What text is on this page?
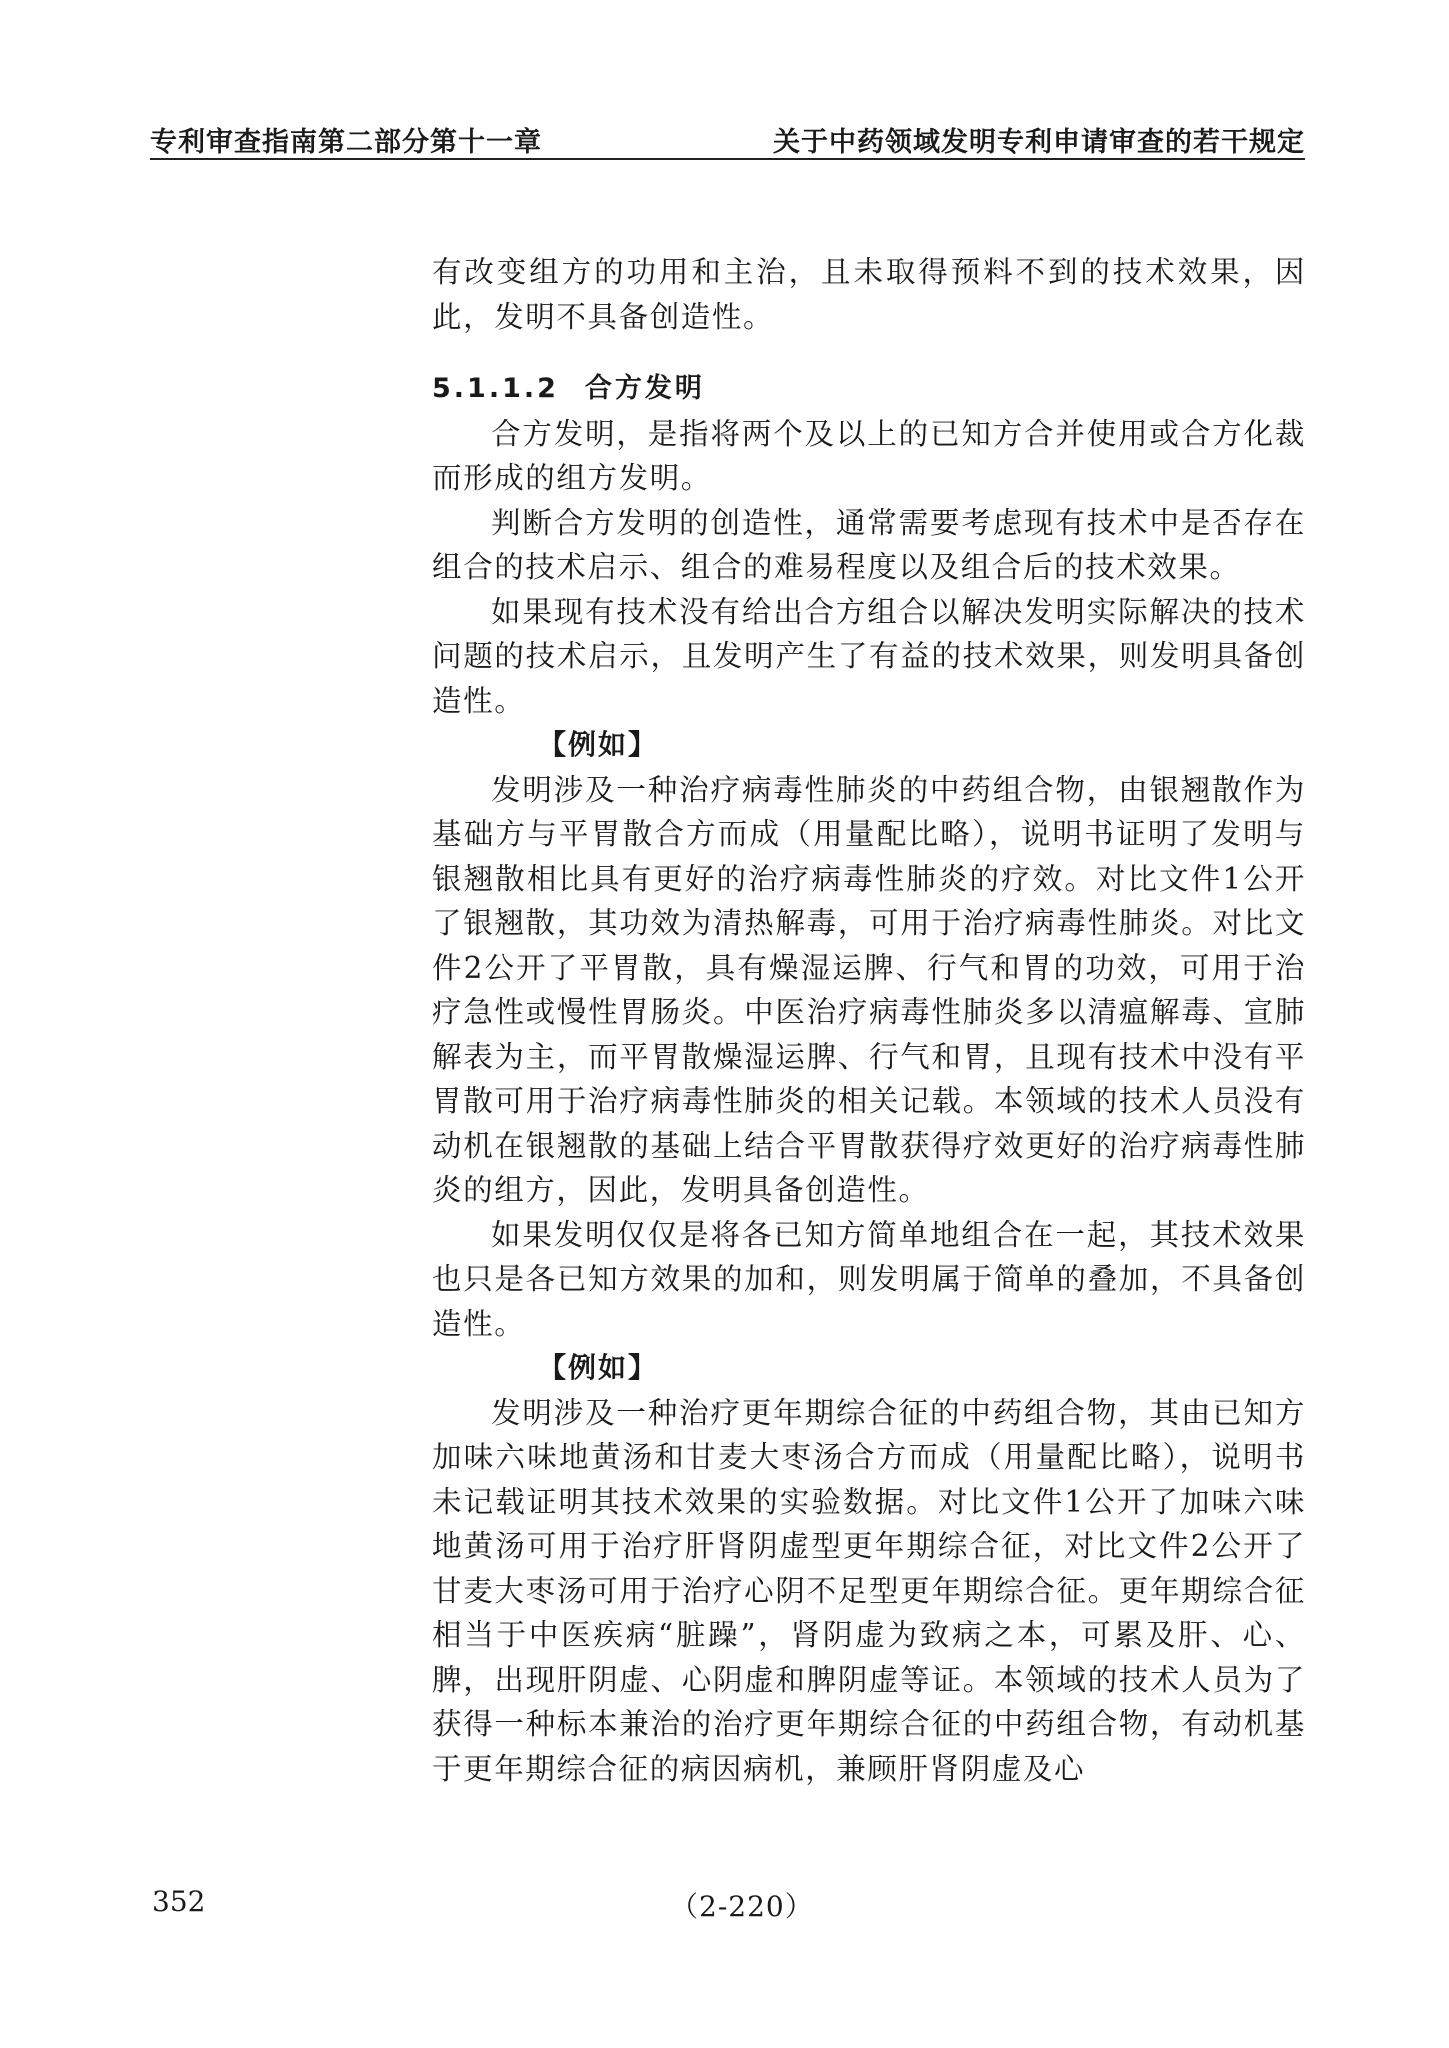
专利审查指南第二部分第十一章	关于中药领域发明专利申请审查的若干规定

有改变组方的功用和主治，且未取得预料不到的技术效果，因此，发明不具备创造性。

5.1.1.2 合方发明

合方发明，是指将两个及以上的已知方合并使用或合方化裁而形成的组方发明。

判断合方发明的创造性，通常需要考虑现有技术中是否存在组合的技术启示、组合的难易程度以及组合后的技术效果。

如果现有技术没有给出合方组合以解决发明实际解决的技术问题的技术启示，且发明产生了有益的技术效果，则发明具备创造性。

【例如】

发明涉及一种治疗病毒性肺炎的中药组合物，由银翘散作为基础方与平胃散合方而成（用量配比略），说明书证明了发明与银翘散相比具有更好的治疗病毒性肺炎的疗效。对比文件1公开了银翘散，其功效为清热解毒，可用于治疗病毒性肺炎。对比文件2公开了平胃散，具有燥湿运脾、行气和胃的功效，可用于治疗急性或慢性胃肠炎。中医治疗病毒性肺炎多以清瘟解毒、宣肺解表为主，而平胃散燥湿运脾、行气和胃，且现有技术中没有平胃散可用于治疗病毒性肺炎的相关记载。本领域的技术人员没有动机在银翘散的基础上结合平胃散获得疗效更好的治疗病毒性肺炎的组方，因此，发明具备创造性。

如果发明仅仅是将各已知方简单地组合在一起，其技术效果也只是各已知方效果的加和，则发明属于简单的叠加，不具备创造性。

【例如】

发明涉及一种治疗更年期综合征的中药组合物，其由已知方加味六味地黄汤和甘麦大枣汤合方而成（用量配比略），说明书未记载证明其技术效果的实验数据。对比文件1公开了加味六味地黄汤可用于治疗肝肾阴虚型更年期综合征，对比文件2公开了甘麦大枣汤可用于治疗心阴不足型更年期综合征。更年期综合征相当于中医疾病“脏躁”，肾阴虚为致病之本，可累及肝、心、脾，出现肝阴虚、心阴虚和脾阴虚等证。本领域的技术人员为了获得一种标本兼治的治疗更年期综合征的中药组合物，有动机基于更年期综合征的病因病机，兼顾肝肾阴虚及心

352	（2-220）
